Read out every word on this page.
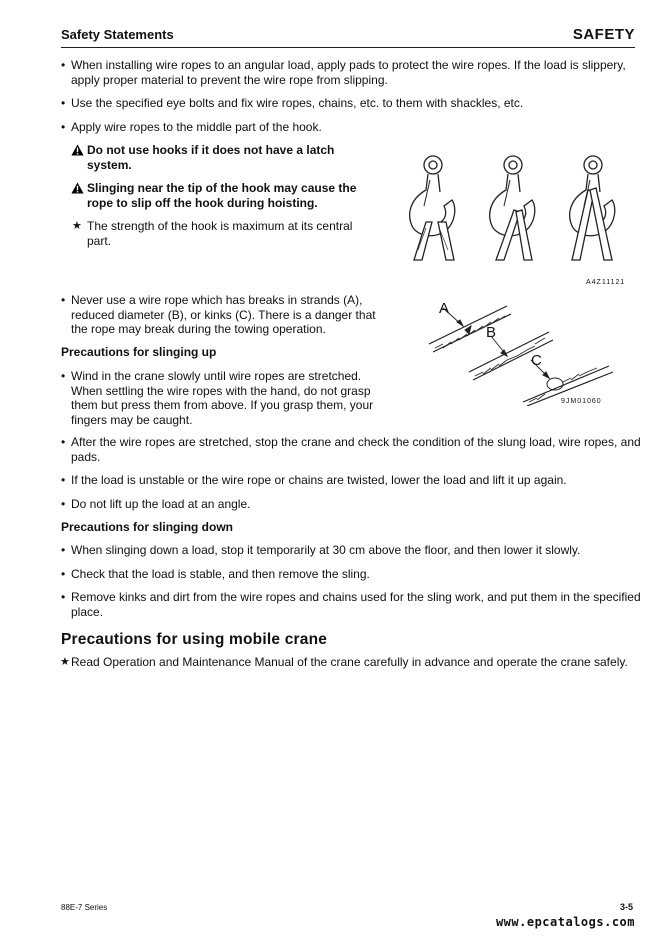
Safety Statements	SAFETY
• When installing wire ropes to an angular load, apply pads to protect the wire ropes. If the load is slippery, apply proper material to prevent the wire rope from slipping.
• Use the specified eye bolts and fix wire ropes, chains, etc. to them with shackles, etc.
• Apply wire ropes to the middle part of the hook.
Do not use hooks if it does not have a latch system.
Slinging near the tip of the hook may cause the rope to slip off the hook during hoisting.
★ The strength of the hook is maximum at its central part.
A4Z11121
• Never use a wire rope which has breaks in strands (A), reduced diameter (B), or kinks (C). There is a danger that the rope may break during the towing operation.
A
B
C
9JM01060
Precautions for slinging up
• Wind in the crane slowly until wire ropes are stretched. When settling the wire ropes with the hand, do not grasp them but press them from above. If you grasp them, your fingers may be caught.
• After the wire ropes are stretched, stop the crane and check the condition of the slung load, wire ropes, and pads.
• If the load is unstable or the wire rope or chains are twisted, lower the load and lift it up again.
• Do not lift up the load at an angle.
Precautions for slinging down
• When slinging down a load, stop it temporarily at 30 cm above the floor, and then lower it slowly.
• Check that the load is stable, and then remove the sling.
• Remove kinks and dirt from the wire ropes and chains used for the sling work, and put them in the specified place.
Precautions for using mobile crane
★ Read Operation and Maintenance Manual of the crane carefully in advance and operate the crane safely.
88E-7 Series	3-5
www.epcatalogs.com
